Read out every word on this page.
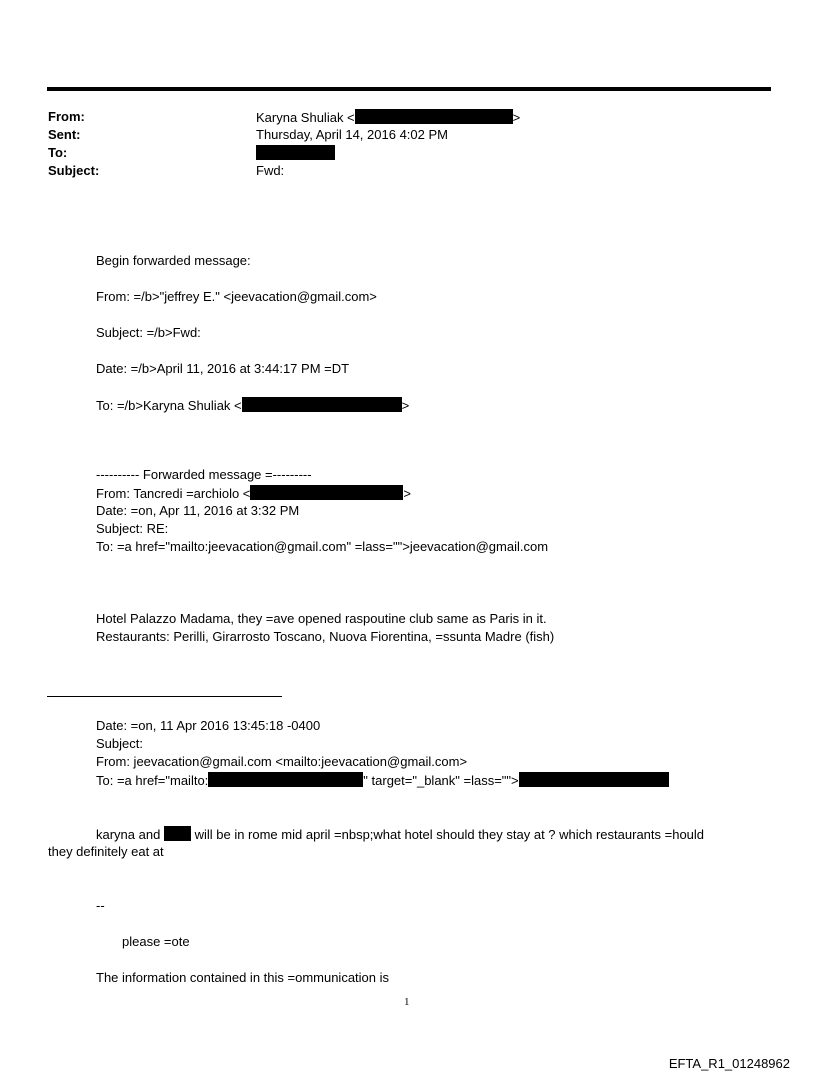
From:	Karyna Shuliak <	>
Sent:	Thursday, April 14, 2016 4:02 PM
To:
Subject:	Fwd:
Begin forwarded message:
From: =/b>"jeffrey E." <jeevacation@gmail.com>
Subject: =/b>Fwd:
Date: =/b>April 11, 2016 at 3:44:17 PM =DT
To: =/b>Karyna Shuliak <	>
---------- Forwarded message =---------
From: Tancredi =archiolo <	>
Date: =on, Apr 11, 2016 at 3:32 PM
Subject: RE:
To: =a href="mailto:jeevacation@gmail.com" =lass="">jeevacation@gmail.com
Hotel Palazzo Madama, they =ave opened raspoutine club same as Paris in it.
Restaurants: Perilli, Girarrosto Toscano, Nuova Fiorentina, =ssunta Madre (fish)
Date: =on, 11 Apr 2016 13:45:18 -0400
Subject:
From: jeevacation@gmail.com <mailto:jeevacation@gmail.com>
To: =a href="mailto:	" target="_blank" =lass="">
karyna and	will be in rome mid april =nbsp;what hotel should they stay at ? which restaurants =hould
they definitely eat at
--
please =ote
The information contained in this =ommunication is
1
EFTA_R1_01248962
